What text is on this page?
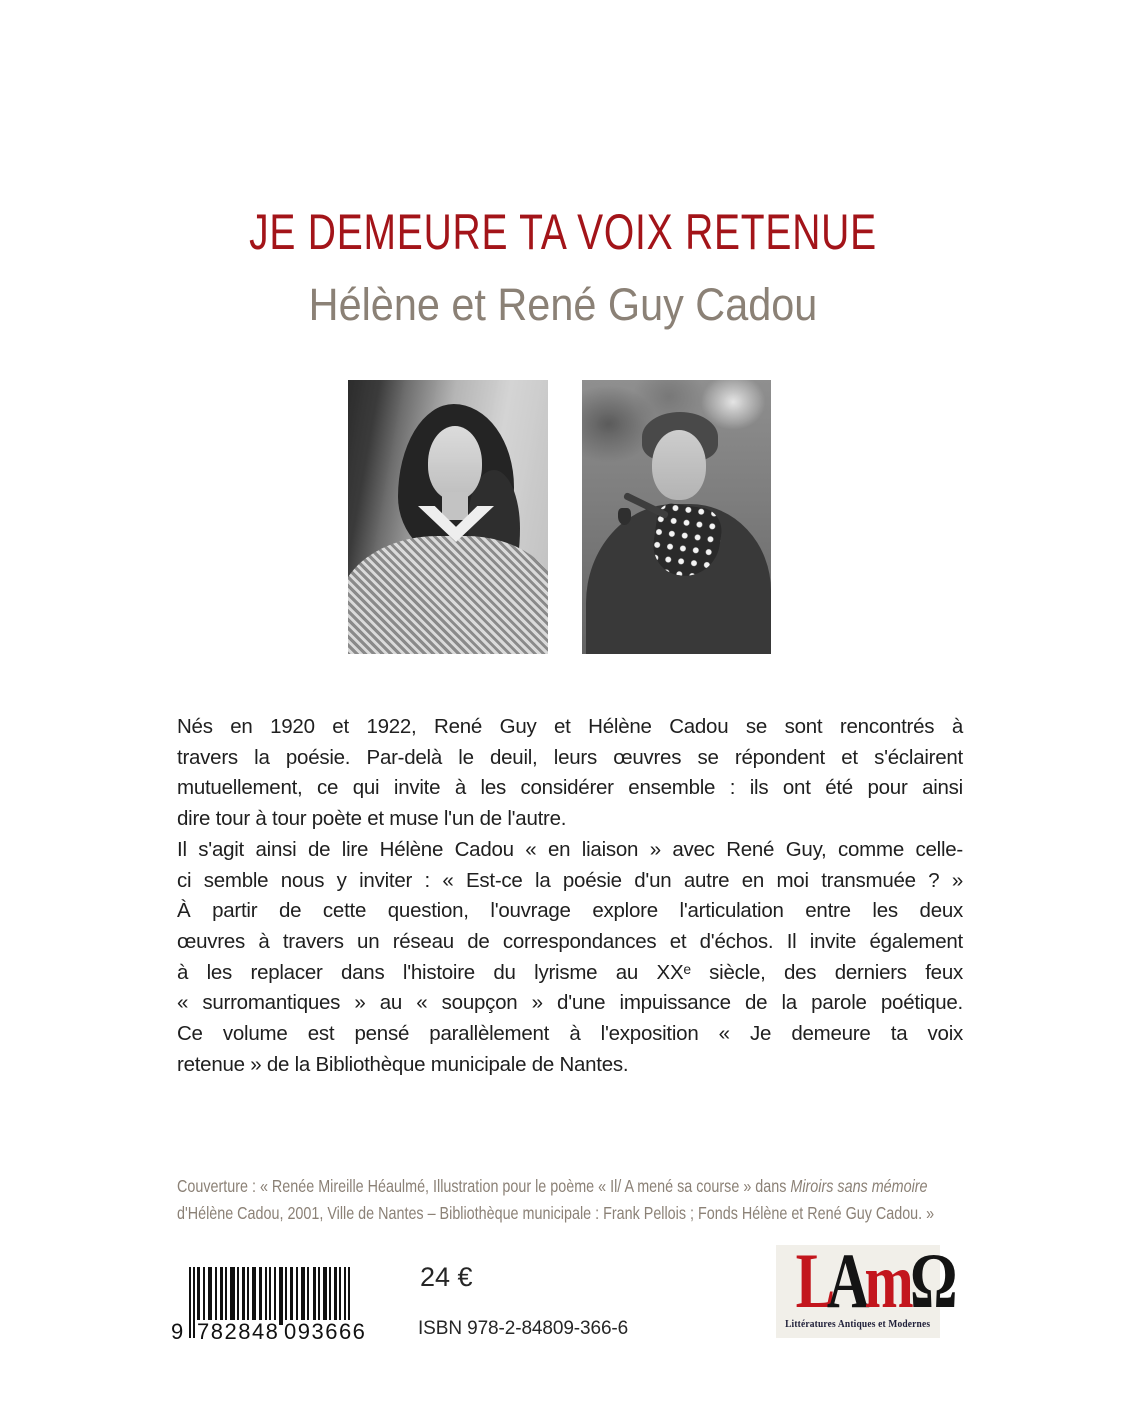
JE DEMEURE TA VOIX RETENUE
Hélène et René Guy Cadou
Nés en 1920 et 1922, René Guy et Hélène Cadou se sont rencontrés à
travers la poésie. Par-delà le deuil, leurs œuvres se répondent et s'éclairent
mutuellement, ce qui invite à les considérer ensemble : ils ont été pour ainsi
dire tour à tour poète et muse l'un de l'autre.
Il s'agit ainsi de lire Hélène Cadou « en liaison » avec René Guy, comme celle-
ci semble nous y inviter : « Est-ce la poésie d'un autre en moi transmuée ? »
À partir de cette question, l'ouvrage explore l'articulation entre les deux
œuvres à travers un réseau de correspondances et d'échos. Il invite également
à les replacer dans l'histoire du lyrisme au XXᵉ siècle, des derniers feux
« surromantiques » au « soupçon » d'une impuissance de la parole poétique.
Ce volume est pensé parallèlement à l'exposition « Je demeure ta voix
retenue » de la Bibliothèque municipale de Nantes.
Couverture : « Renée Mireille Héaulmé, Illustration pour le poème « Il/ A mené sa course » dans Miroirs sans mémoire
d'Hélène Cadou, 2001, Ville de Nantes – Bibliothèque municipale : Frank Pellois ; Fonds Hélène et René Guy Cadou. »
9 782848 093666
24 €
ISBN 978-2-84809-366-6
LAmΩ
Littératures Antiques et Modernes
